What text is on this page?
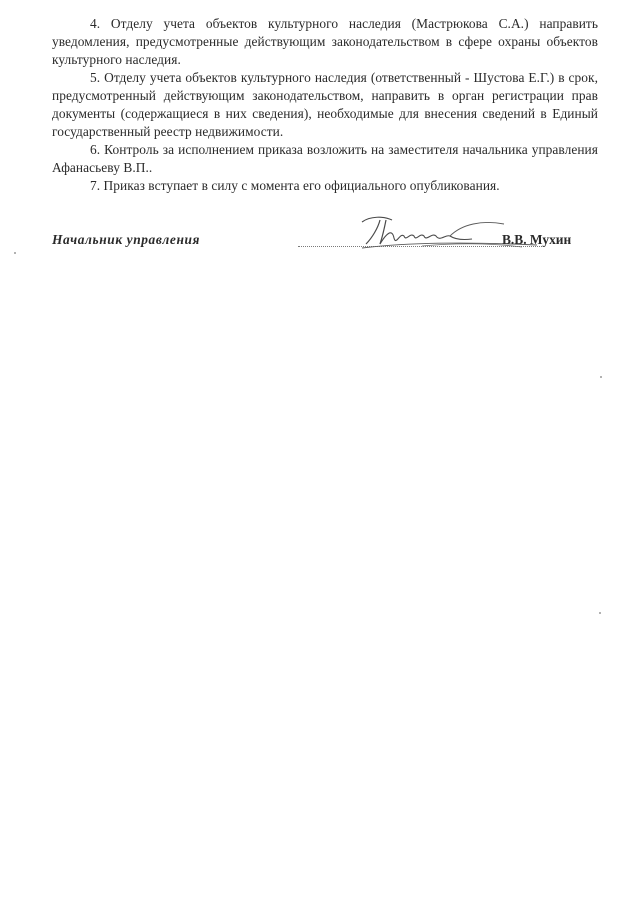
4. Отделу учета объектов культурного наследия (Мастрюкова С.А.) направить уведомления, предусмотренные действующим законодательством в сфере охраны объектов культурного наследия.

5. Отделу учета объектов культурного наследия (ответственный - Шустова Е.Г.) в срок, предусмотренный действующим законодательством, направить в орган регистрации прав документы (содержащиеся в них сведения), необходимые для внесения сведений в Единый государственный реестр недвижимости.

6. Контроль за исполнением приказа возложить на заместителя начальника управления Афанасьеву В.П..

7. Приказ вступает в силу с момента его официального опубликования.

Начальник управления	В.В. Мухин
